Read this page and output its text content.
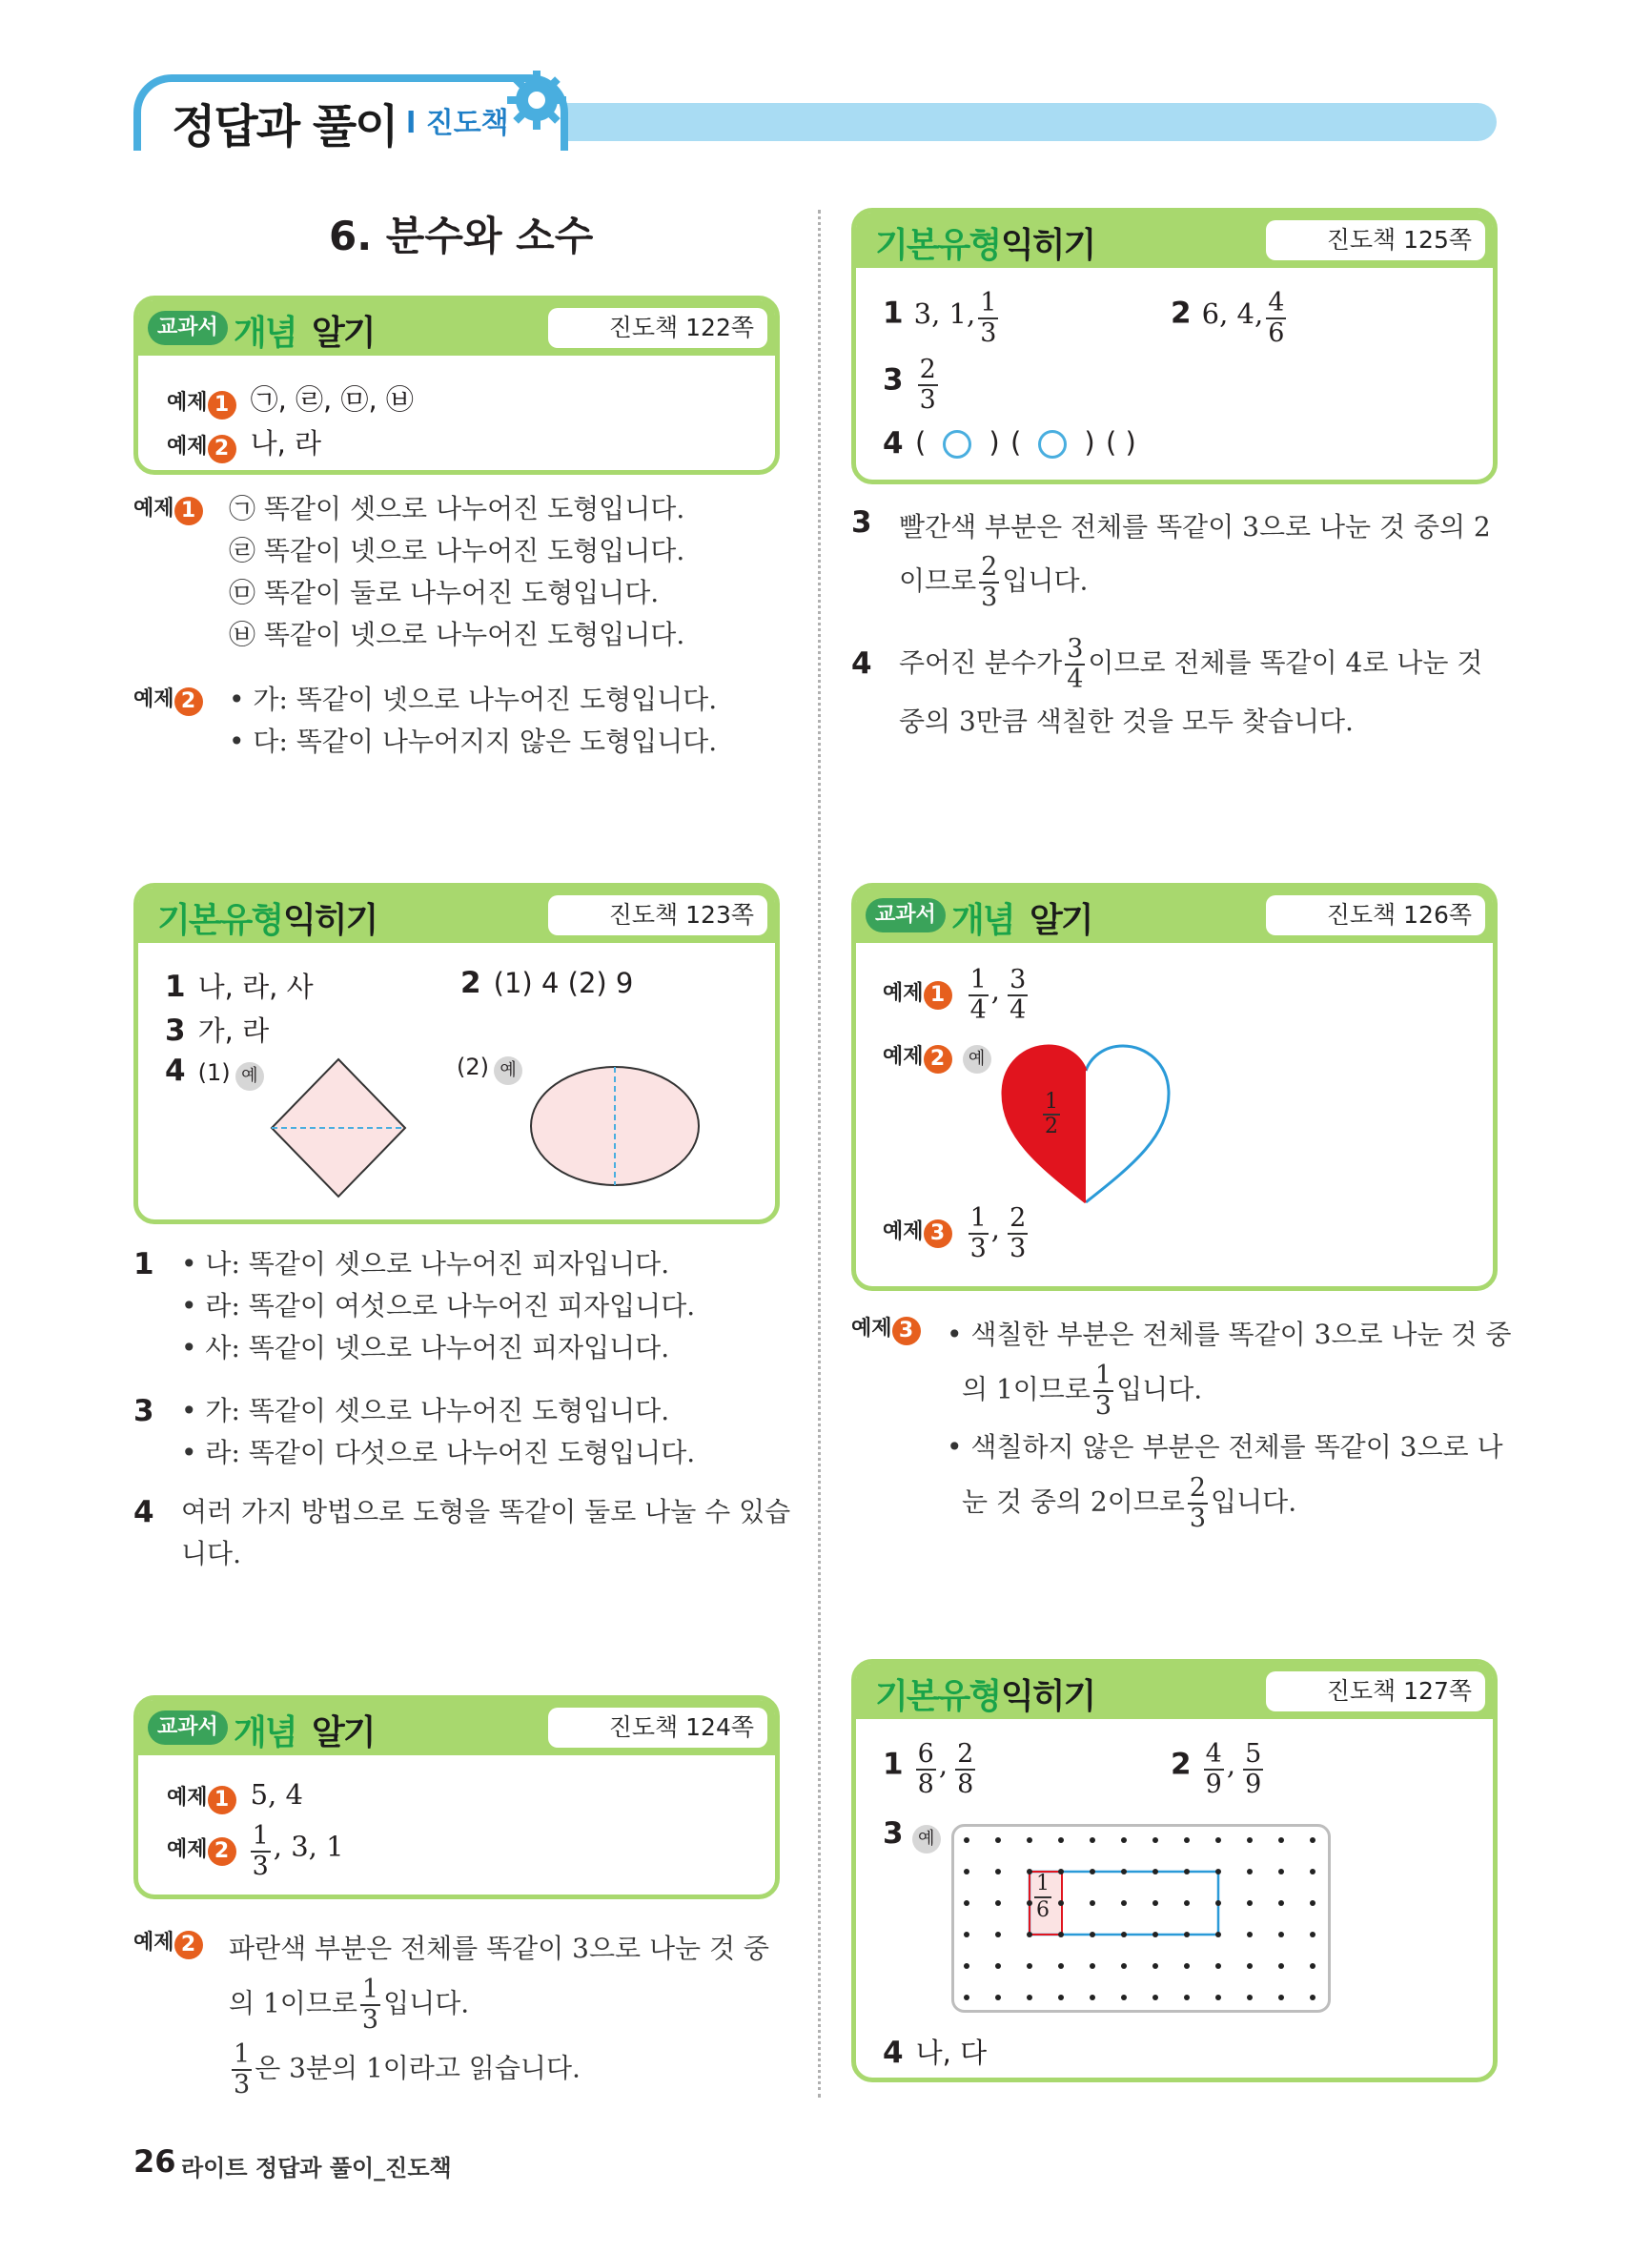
정답과 풀이 l 진도책
6. 분수와 소수
교과서 개념 알기	진도책 122쪽
예제 1 ㉠, ㉣, ㉤, ㉥
예제 2 나, 라
예제 1 ㉠ 똑같이 셋으로 나누어진 도형입니다.
㉣ 똑같이 넷으로 나누어진 도형입니다.
㉤ 똑같이 둘로 나누어진 도형입니다.
㉥ 똑같이 넷으로 나누어진 도형입니다.
예제 2 • 가: 똑같이 넷으로 나누어진 도형입니다.
• 다: 똑같이 나누어지지 않은 도형입니다.
기본유형 익히기	진도책 123쪽
1 나, 라, 사	2 (1) 4 (2) 9
3 가, 라
4 (1) 예	(2) 예
1 • 나: 똑같이 셋으로 나누어진 피자입니다.
• 라: 똑같이 여섯으로 나누어진 피자입니다.
• 사: 똑같이 넷으로 나누어진 피자입니다.
3 • 가: 똑같이 셋으로 나누어진 도형입니다.
• 라: 똑같이 다섯으로 나누어진 도형입니다.
4 여러 가지 방법으로 도형을 똑같이 둘로 나눌 수 있습
니다.
교과서 개념 알기	진도책 124쪽
예제 1 5, 4
예제 $2 \frac{1}{3}$ , 3, 1
예제 2 파란색 부분은 전체를 똑같이 3으로 나눈 것 중
의 1이므로 $\frac{1}{3}$ 입니다.
$\frac{1}{3}$ 은 3분의 1이라고 읽습니다.
기본유형 익히기	진도책 125쪽
1 3, 1, $\frac{1}{3}$	2 6, 4, $\frac{4}{6}$
$3 \frac{2}{3}$
4 ( ○ ) ( ○ ) ( )
3 빨간색 부분은 전체를 똑같이 3으로 나눈 것 중의 2
이므로 $\frac{2}{3}$ 입니다.
4 주어진 분수가 $\frac{3}{4}$ 이므로 전체를 똑같이 4로 나눈 것
중의 3만큼 색칠한 것을 모두 찾습니다.
교과서 개념 알기	진도책 126쪽
예제 $1 \frac{1}{4}$ , $\frac{3}{4}$
예제 2 예
$\frac{1}{2}$
예제 $3 \frac{1}{3}$ , $\frac{2}{3}$
예제 3 • 색칠한 부분은 전체를 똑같이 3으로 나눈 것 중
의 1이므로 $\frac{1}{3}$ 입니다.
• 색칠하지 않은 부분은 전체를 똑같이 3으로 나
눈 것 중의 2이므로 $\frac{2}{3}$ 입니다.
기본유형 익히기	진도책 127쪽
$1 \frac{6}{8}$ , $\frac{2}{8}$	$2 \frac{4}{9}$ , $\frac{5}{9}$
3 예
$\frac{1}{6}$
4 나, 다
26 라이트 정답과 풀이_진도책
